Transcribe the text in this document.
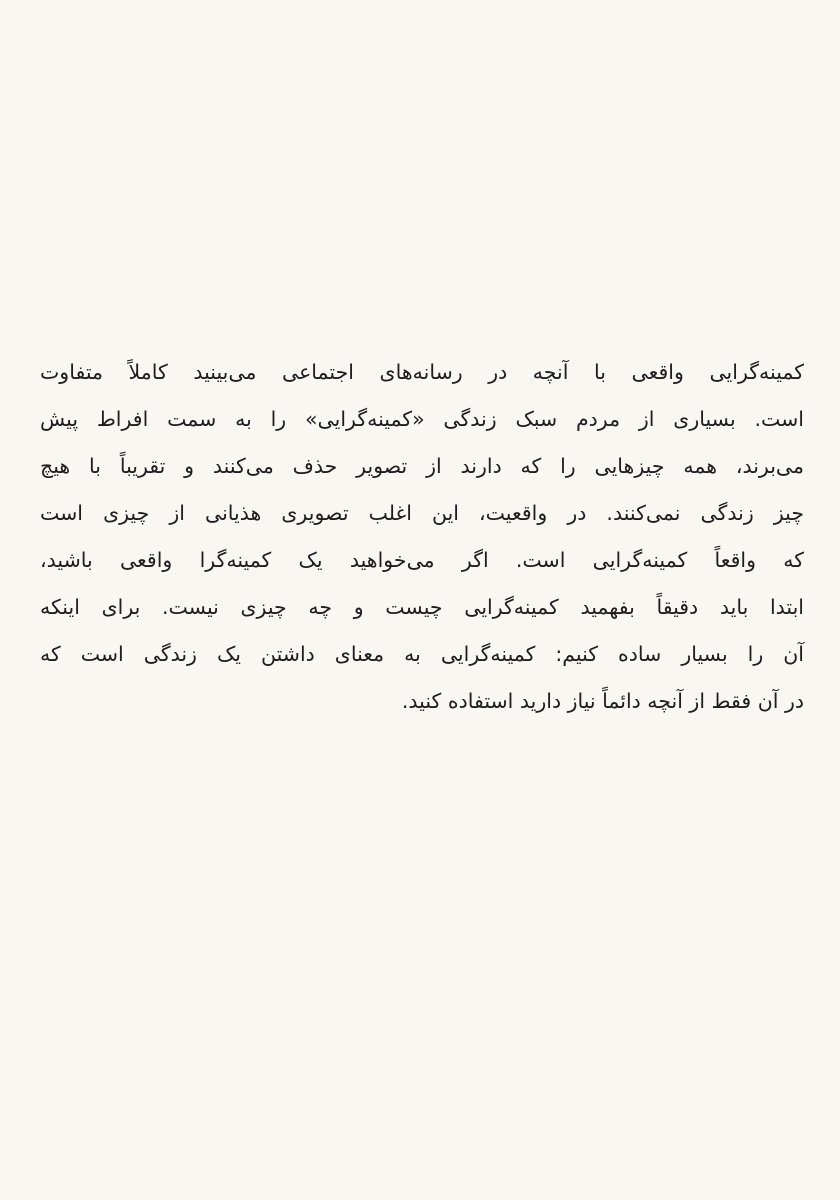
کمینه‌گرایی واقعی با آنچه در رسانه‌های اجتماعی می‌بینید کاملاً متفاوت
است. بسیاری از مردم سبک زندگی «کمینه‌گرایی» را به سمت افراط پیش
می‌برند، همه چیزهایی را که دارند از تصویر حذف می‌کنند و تقریباً با هیچ
چیز زندگی نمی‌کنند. در واقعیت، این اغلب تصویری هذیانی از چیزی است
که واقعاً کمینه‌گرایی است. اگر می‌خواهید یک کمینه‌گرا واقعی باشید،
ابتدا باید دقیقاً بفهمید کمینه‌گرایی چیست و چه چیزی نیست. برای اینکه
آن را بسیار ساده کنیم: کمینه‌گرایی به معنای داشتن یک زندگی است که
در آن فقط از آنچه دائماً نیاز دارید استفاده کنید.
